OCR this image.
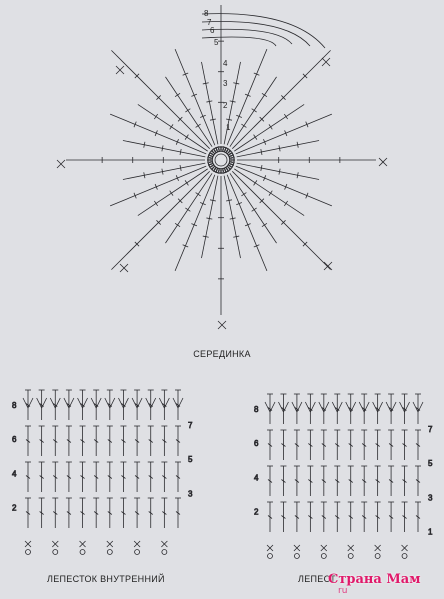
1
2
3
4
5
6
7
8
8
6
4
2
7
5
3
8
6
4
2
7
5
3
1
СЕРЕДИНКА
ЛЕПЕСТОК ВНУТРЕННИЙ	ЛЕПЕСТ
Страна Мам
ru
